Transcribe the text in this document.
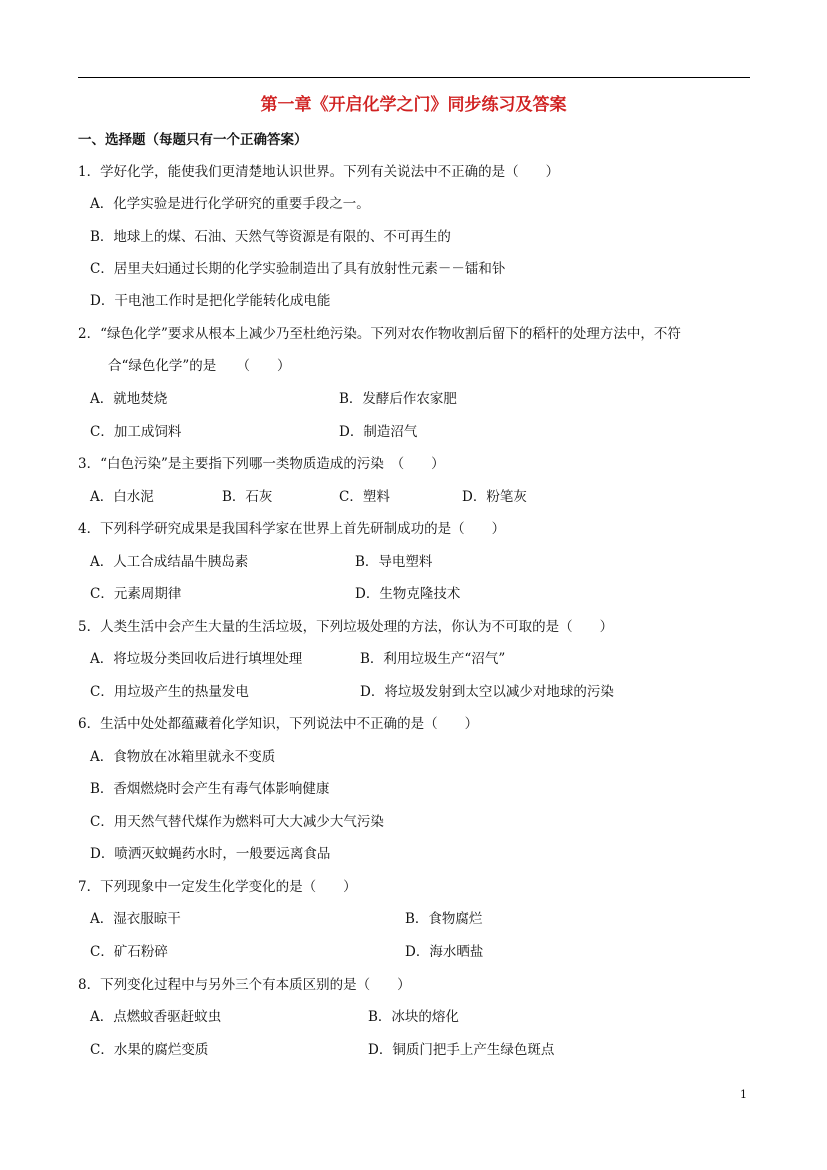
第一章《开启化学之门》同步练习及答案
一、选择题（每题只有一个正确答案）
1．学好化学，能使我们更清楚地认识世界。下列有关说法中不正确的是（　　）
A．化学实验是进行化学研究的重要手段之一。
B．地球上的煤、石油、天然气等资源是有限的、不可再生的
C．居里夫妇通过长期的化学实验制造出了具有放射性元素－－镭和钋
D．干电池工作时是把化学能转化成电能
2．“绿色化学”要求从根本上减少乃至杜绝污染。下列对农作物收割后留下的稻杆的处理方法中，不符
合“绿色化学”的是　　（　　）
A．就地焚烧	B．发酵后作农家肥
C．加工成饲料	D．制造沼气
3．“白色污染”是主要指下列哪一类物质造成的污染　（　　）
A．白水泥	B．石灰	C．塑料	D．粉笔灰
4．下列科学研究成果是我国科学家在世界上首先研制成功的是（　　）
A．人工合成结晶牛胰岛素	B．导电塑料
C．元素周期律	D．生物克隆技术
5．人类生活中会产生大量的生活垃圾，下列垃圾处理的方法，你认为不可取的是（　　）
A．将垃圾分类回收后进行填埋处理	B．利用垃圾生产“沼气”
C．用垃圾产生的热量发电	D．将垃圾发射到太空以减少对地球的污染
6．生活中处处都蕴藏着化学知识，下列说法中不正确的是（　　）
A．食物放在冰箱里就永不变质
B．香烟燃烧时会产生有毒气体影响健康
C．用天然气替代煤作为燃料可大大减少大气污染
D．喷洒灭蚊蝇药水时，一般要远离食品
7．下列现象中一定发生化学变化的是（　　）
A．湿衣服晾干	B．食物腐烂
C．矿石粉碎	D．海水晒盐
8．下列变化过程中与另外三个有本质区别的是（　　）
A．点燃蚊香驱赶蚊虫	B．冰块的熔化
C．水果的腐烂变质	D．铜质门把手上产生绿色斑点
1
